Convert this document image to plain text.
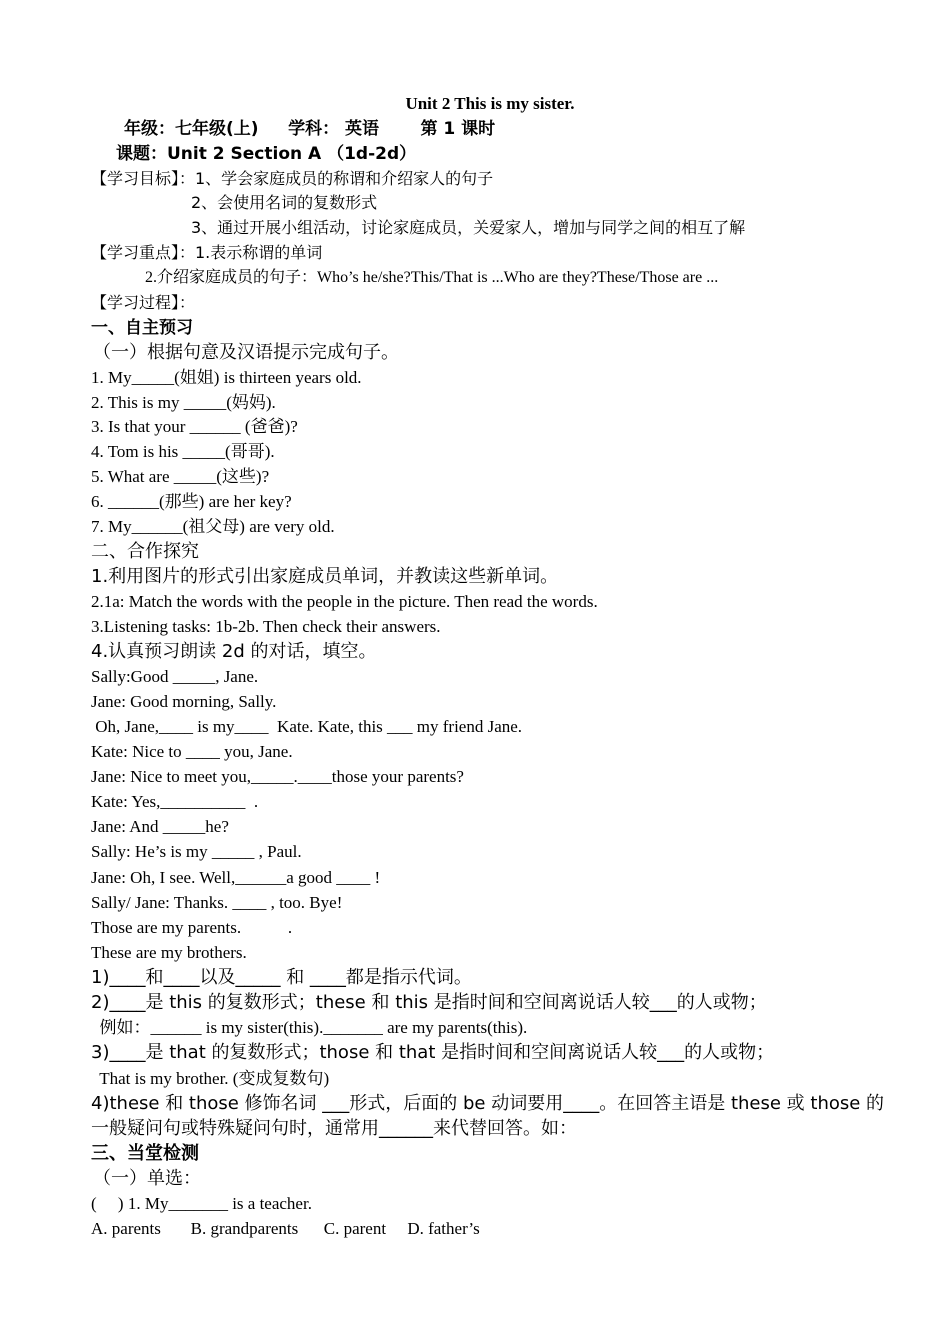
Unit 2 This is my sister.
年级：七年级(上)     学科： 英语       第 1 课时
课题：Unit 2 Section A （1d-2d）
【学习目标】：1、学会家庭成员的称谓和介绍家人的句子
2、会使用名词的复数形式
3、通过开展小组活动，讨论家庭成员，关爱家人，增加与同学之间的相互了解
【学习重点】：1.表示称谓的单词
2.介绍家庭成员的句子：Who’s he/she?This/That is ...Who are they?These/Those are ...
【学习过程】：
一、自主预习
（一）根据句意及汉语提示完成句子。
1. My_____(姐姐) is thirteen years old.
2. This is my _____(妈妈).
3. Is that your ______ (爸爸)?
4. Tom is his _____(哥哥).
5. What are _____(这些)?
6. ______(那些) are her key?
7. My______(祖父母) are very old.
二、合作探究
1.利用图片的形式引出家庭成员单词，并教读这些新单词。
2.1a: Match the words with the people in the picture. Then read the words.
3.Listening tasks: 1b-2b. Then check their answers.
4.认真预习朗读 2d 的对话，填空。
Sally:Good _____, Jane.
Jane: Good morning, Sally.
Oh, Jane,____ is my____  Kate. Kate, this ___ my friend Jane.
Kate: Nice to ____ you, Jane.
Jane: Nice to meet you,_____.____those your parents?
Kate: Yes,__________  .
Jane: And _____he?
Sally: He’s is my _____ , Paul.
Jane: Oh, I see. Well,______a good ____ !
Sally/ Jane: Thanks. ____ , too. Bye!
Those are my parents.           .
These are my brothers.
1)____和____以及_____ 和 ____都是指示代词。
2)____是 this 的复数形式；these 和 this 是指时间和空间离说话人较___的人或物；
例如：______ is my sister(this)._______ are my parents(this).
3)____是 that 的复数形式；those 和 that 是指时间和空间离说话人较___的人或物；
That is my brother. (变成复数句)
4)these 和 those 修饰名词 ___形式，后面的 be 动词要用____。在回答主语是 these 或 those 的
一般疑问句或特殊疑问句时，通常用______来代替回答。如：
三、当堂检测
（一）单选：
(     ) 1. My_______ is a teacher.
A. parents       B. grandparents      C. parent     D. father’s
